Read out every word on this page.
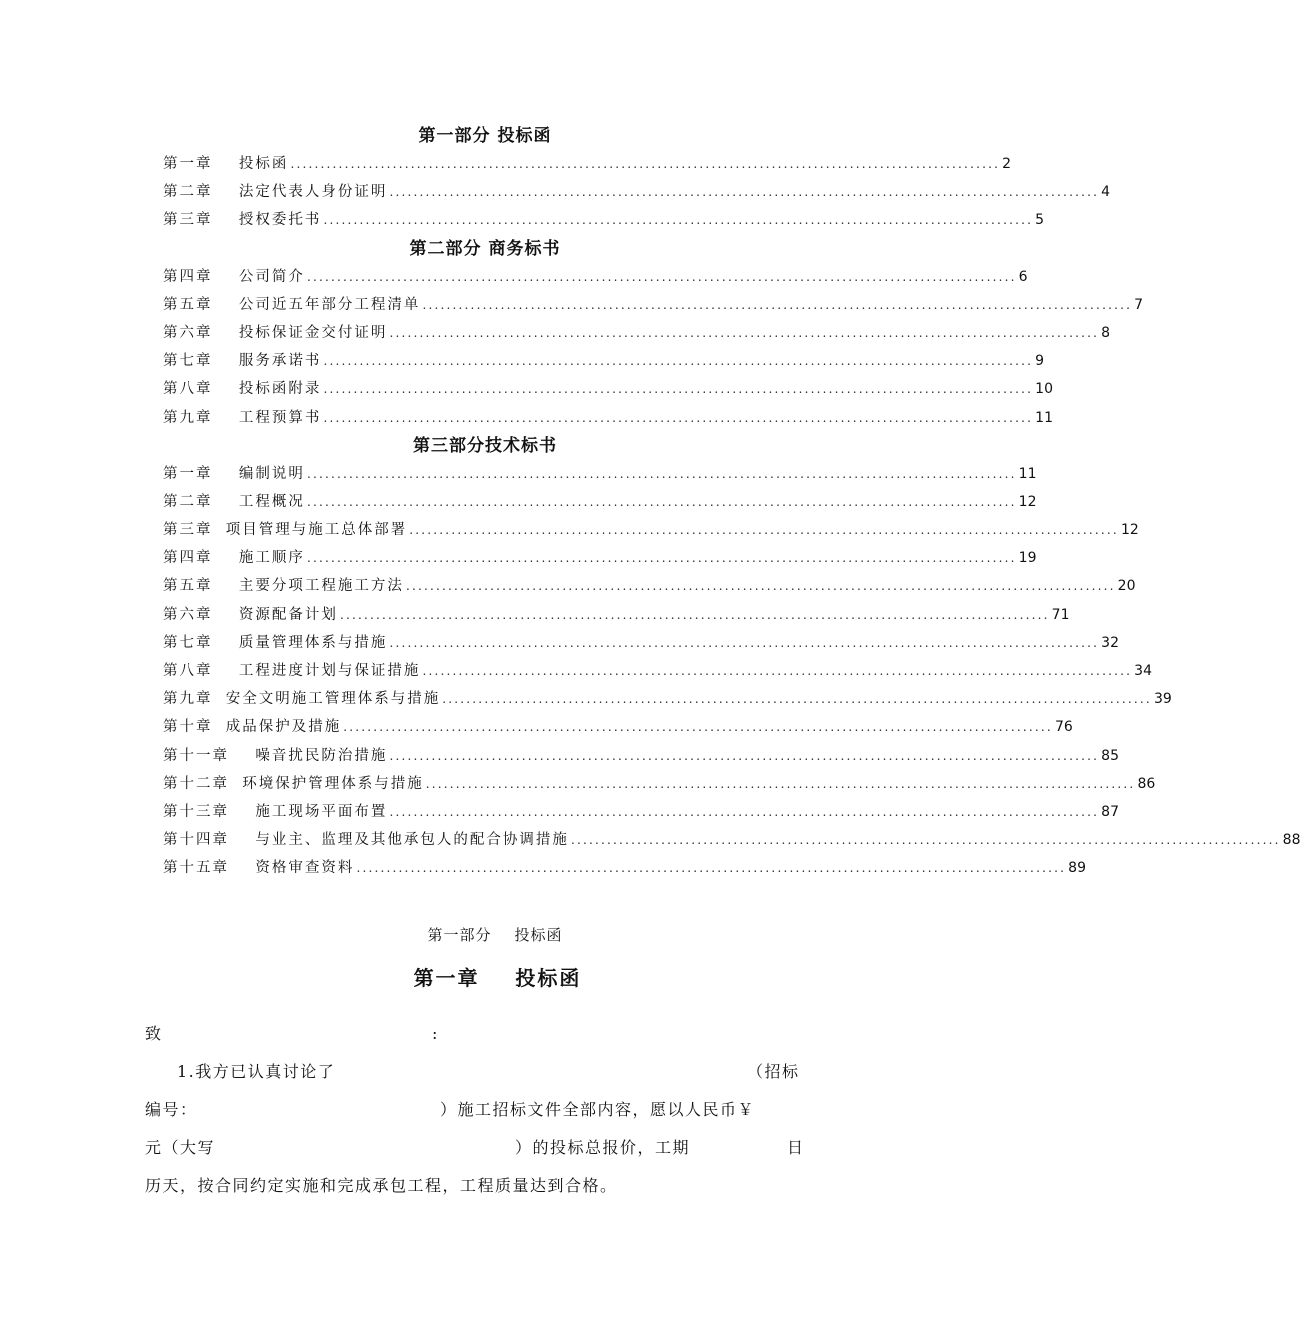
第一部分 投标函
第一章    投标函 ...................................................................................................................... 2
第二章    法定代表人身份证明 ...................................................................................................................... 4
第三章    授权委托书 ...................................................................................................................... 5
第二部分 商务标书
第四章    公司简介 ...................................................................................................................... 6
第五章    公司近五年部分工程清单 ...................................................................................................................... 7
第六章    投标保证金交付证明 ...................................................................................................................... 8
第七章    服务承诺书 ...................................................................................................................... 9
第八章    投标函附录 ...................................................................................................................... 10
第九章    工程预算书 ...................................................................................................................... 11
第三部分技术标书
第一章    编制说明 ...................................................................................................................... 11
第二章    工程概况 ...................................................................................................................... 12
第三章  项目管理与施工总体部署 ...................................................................................................................... 12
第四章    施工顺序 ...................................................................................................................... 19
第五章    主要分项工程施工方法 ...................................................................................................................... 20
第六章    资源配备计划 ...................................................................................................................... 71
第七章    质量管理体系与措施 ...................................................................................................................... 32
第八章    工程进度计划与保证措施 ...................................................................................................................... 34
第九章  安全文明施工管理体系与措施 ...................................................................................................................... 39
第十章  成品保护及措施 ...................................................................................................................... 76
第十一章    噪音扰民防治措施 ...................................................................................................................... 85
第十二章  环境保护管理体系与措施 ...................................................................................................................... 86
第十三章    施工现场平面布置 ...................................................................................................................... 87
第十四章    与业主、监理及其他承包人的配合协调措施 ...................................................................................................................... 88
第十五章    资格审查资料 ...................................................................................................................... 89
第一部分    投标函
第一章    投标函

致

	:

1.我方已认真讨论了

	（招标

编号：

	）施工招标文件全部内容，愿以人民币￥

元（大写

	）的投标总报价，工期

	日

历天，按合同约定实施和完成承包工程，工程质量达到合格。
